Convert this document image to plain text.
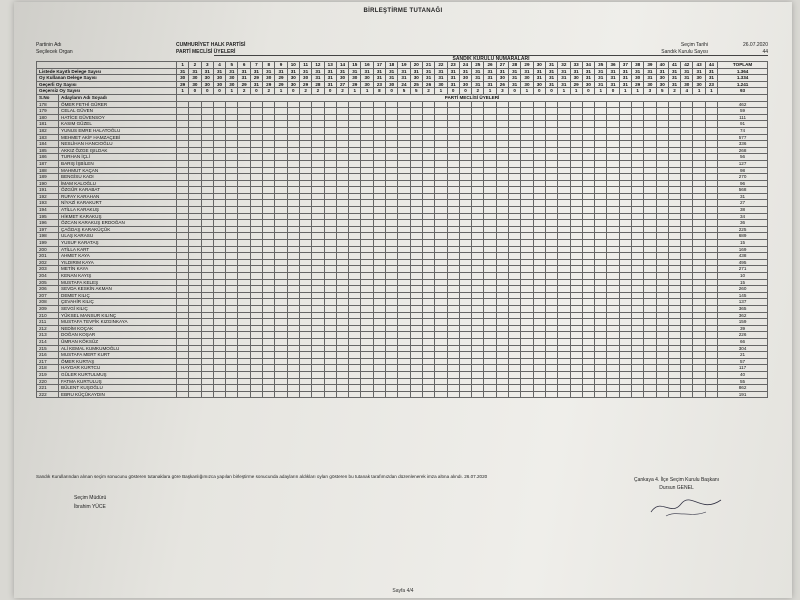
BİRLEŞTİRME TUTANAĞI
Partinin Adı	CUMHURİYET HALK PARTİSİ	Seçim Tarihi	26.07.2020
Seçilecek Organ	PARTİ MECLİSİ ÜYELERİ	Sandık Kurulu Sayısı	44
SANDIK KURULU NUMARALARI
		1	2	3	4	5	6	7	8	9	10	11	12	13	14	15	16	17	18	19	20	21	22	23	24	25	26	27	28	29	30	31	32	33	34	35	36	37	38	39	40	41	42	43	44	TOPLAM
Listede Kayıtlı Delege Sayısı		31	31	31	31	31	31	31	31	31	31	31	31	31	31	31	31	31	31	31	31	31	31	31	31	31	31	31	31	31	31	31	31	31	31	31	31	31	31	31	31	31	31	31	31	1.364
Oy Kullanan Delege Sayısı		30	30	30	30	30	31	29	30	29	30	30	31	31	30	30	30	31	31	31	30	31	31	31	30	31	31	30	31	30	31	31	31	30	31	31	31	31	30	31	30	31	31	30	31	1.334
Geçerli Oy Sayısı		29	30	30	30	30	29	31	29	29	30	29	28	31	27	29	30	23	30	24	25	26	30	31	30	31	31	26	31	30	30	31	31	29	30	31	31	31	29	30	30	31	30	30	23	1.241
Geçersiz Oy Sayısı		1	0	0	0	1	2	0	2	1	0	2	2	0	2	1	1	8	0	5	5	2	1	0	0	2	1	3	0	1	0	0	1	1	0	1	0	1	1	3	5	2	4	1	1	93
S.No	Adayların Adı Soyadı	PARTİ MECLİSİ ÜYELERİ																																												
178	ÖMER FETHİ GÜRER																																													462
179	CELAL GÜVEN																																													59
180	HATİCE GÜVENSOY																																													111
181	KASIM GÜZEL																																													91
182	YUNUS EMRE HALATOĞLU																																													74
183	MEHMET AKİF HAMZAÇEBİ																																													577
184	NESLİHAN HANCIOĞLU																																													336
185	AKKIZ ÖZGE IŞILDAK																																													268
186	TURHAN İÇLİ																																													56
187	BARIŞ İŞBİLEN																																													127
188	MAHMUT KAÇAN																																													98
189	BENGİSU KADI																																													270
190	İMAM KALOĞLU																																													96
191	ÖZGÜR KARABAT																																													568
192	RUFAY KARAHAN																																													31
193	NİYAZİ KARAKURT																																													27
194	ATİLLA KARAKUŞ																																													38
195	HİKMET KARAKUŞ																																													34
196	ÖZCAN KARAKUŞ ERDOĞAN																																													36
197	ÇAĞDAŞ KARAKÜÇÜK																																													225
198	ULAŞ KARASU																																													689
199	YUSUF KARATAŞ																																													15
200	ATİLLA KART																																													169
201	AHMET KAYA																																													438
202	YILDIRIM KAYA																																													495
203	METİN KAYA																																													271
204	KENAN KAYIŞ																																													10
205	MUSTAFA KELEŞ																																													15
206	SEVDA KESKİN AKMAN																																													260
207	DEMET KILIÇ																																													145
208	ÇEVAHİR KILIÇ																																													137
209	SEVGİ KILIÇ																																													365
210	YÜKSEL MANSUR KILINÇ																																													362
211	MUSTAFA TEVFİK KIZGINKAYA																																													159
212	NEDİM KOÇAK																																													39
213	DOĞAN KOŞAR																																													226
214	ÜMRAN KÖKSÜZ																																													66
215	ALİ KEMAL KUMKUMOĞLU																																													304
216	MUSTAFA MERT KURT																																													21
217	ÖMER KURTAŞ																																													57
218	HAYDAR KURTCU																																													117
219	GÜLER KURTULMUŞ																																													40
220	FATMA KURTULUŞ																																													55
221	BÜLENT KUŞOĞLU																																													862
222	EBRU KÜÇÜKAYDIN																																													191
Sandık Kurullarından alınan seçim sonucunu gösteren tutanaklara göre Başkanlığımızca yapılan birleştirme sonucunda adayların aldıkları oyları gösteren bu tutanak tarafımızdan düzenlenerek imza altına alındı. 26.07.2020
Seçim Müdürü
İbrahim YÜCE
Çankaya 4. İlçe Seçim Kurulu Başkanı
Dursun GENEL
Sayfa 4/4
